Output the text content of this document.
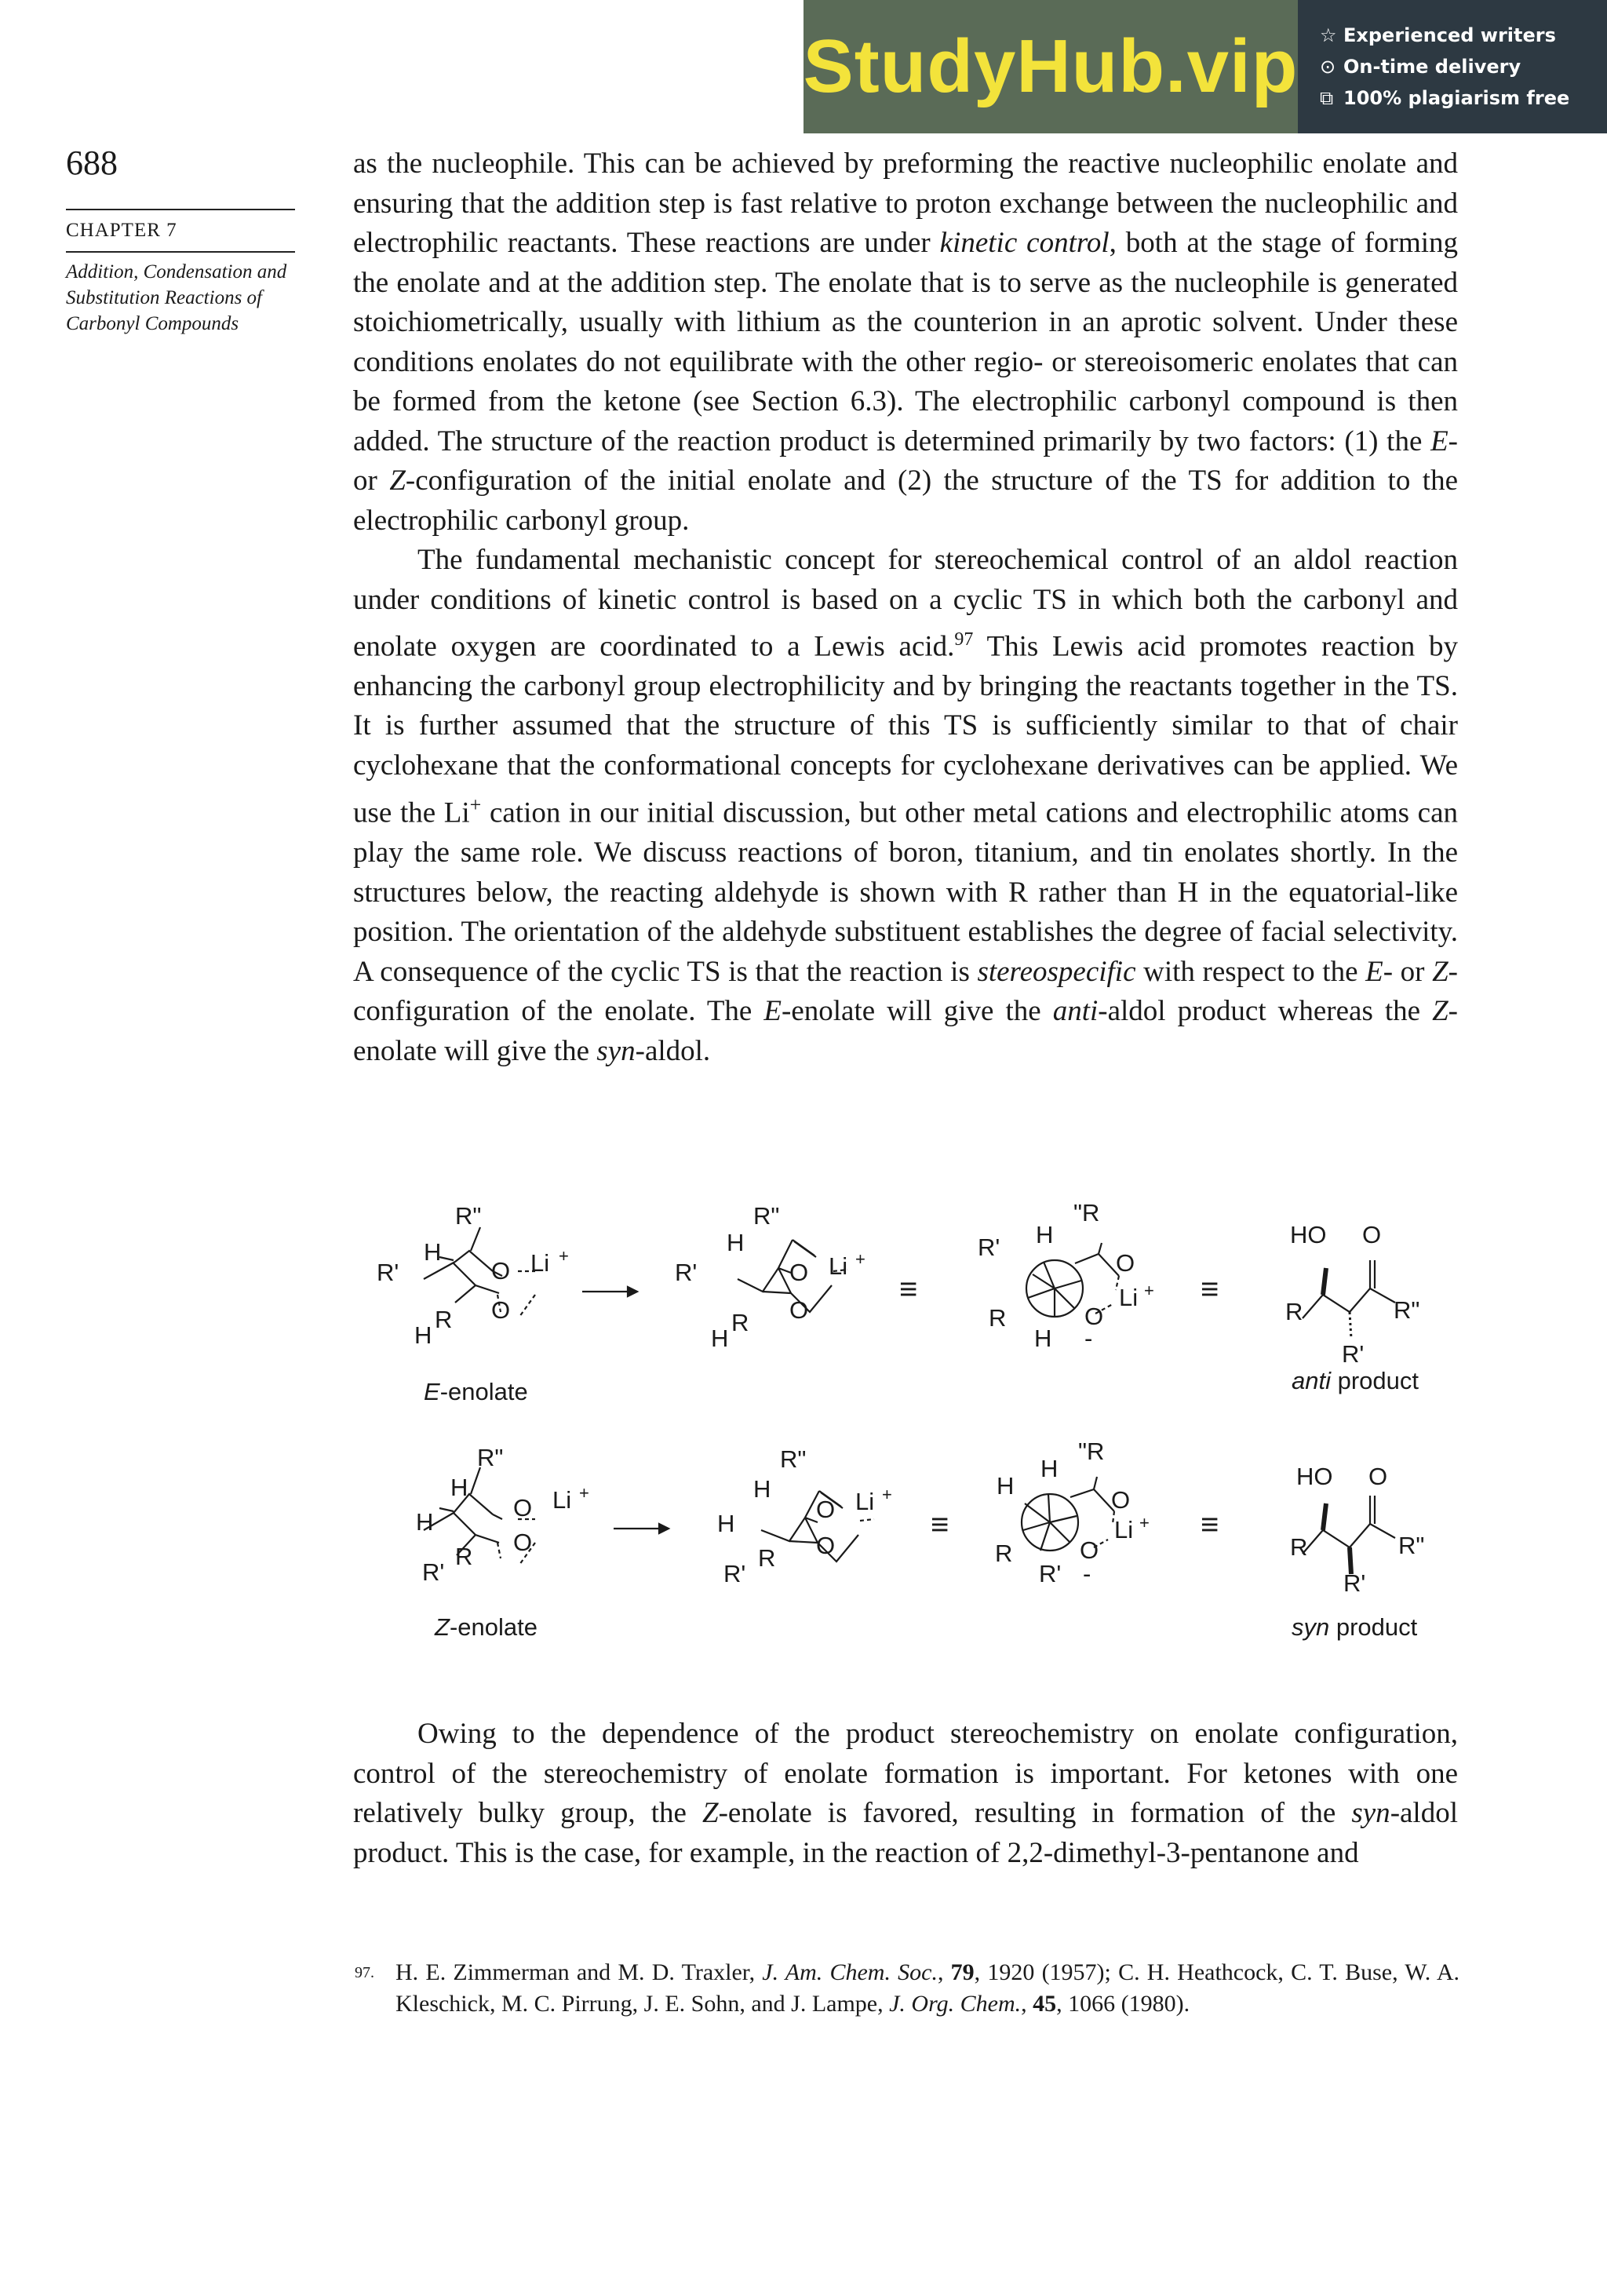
StudyHub.vip ☆ Experienced writers
⊙ On-time delivery
⧉ 100% plagiarism free
688
CHAPTER 7
Addition, Condensation and Substitution Reactions of Carbonyl Compounds

as the nucleophile. This can be achieved by preforming the reactive nucleophilic enolate and ensuring that the addition step is fast relative to proton exchange between the nucleophilic and electrophilic reactants. These reactions are under kinetic control, both at the stage of forming the enolate and at the addition step. The enolate that is to serve as the nucleophile is generated stoichiometrically, usually with lithium as the counterion in an aprotic solvent. Under these conditions enolates do not equilibrate with the other regio- or stereoisomeric enolates that can be formed from the ketone (see Section 6.3). The electrophilic carbonyl compound is then added. The structure of the reaction product is determined primarily by two factors: (1) the E- or Z-configuration of the initial enolate and (2) the structure of the TS for addition to the electrophilic carbonyl group.

The fundamental mechanistic concept for stereochemical control of an aldol reaction under conditions of kinetic control is based on a cyclic TS in which both the carbonyl and enolate oxygen are coordinated to a Lewis acid.$^{97}$ This Lewis acid promotes reaction by enhancing the carbonyl group electrophilicity and by bringing the reactants together in the TS. It is further assumed that the structure of this TS is sufficiently similar to that of chair cyclohexane that the conformational concepts for cyclohexane derivatives can be applied. We use the Li+ cation in our initial discussion, but other metal cations and electrophilic atoms can play the same role. We discuss reactions of boron, titanium, and tin enolates shortly. In the structures below, the reacting aldehyde is shown with R rather than H in the equatorial-like position. The orientation of the aldehyde substituent establishes the degree of facial selectivity. A consequence of the cyclic TS is that the reaction is stereospecific with respect to the E- or Z-configuration of the enolate. The E-enolate will give the anti-aldol product whereas the Z-enolate will give the syn-aldol.

R"
H
R'	O Li +
O
R
H
R"
H
R'	O Li +
O
R
H
≡
"R
H
R'
O
Li +
O
-
R
H
≡
HO O
R	R"
R'
E-enolate	anti product
R"
H
H
O Li +
O
R
R'
R"
H
H
O Li +
O
R
R'
≡
"R
H
H
O
Li +
O
-
R
R'
≡
HO O
R	R"
R'
Z-enolate	syn product

Owing to the dependence of the product stereochemistry on enolate configuration, control of the stereochemistry of enolate formation is important. For ketones with one relatively bulky group, the Z-enolate is favored, resulting in formation of the syn-aldol product. This is the case, for example, in the reaction of 2,2-dimethyl-3-pentanone and

97. H. E. Zimmerman and M. D. Traxler, J. Am. Chem. Soc., 79, 1920 (1957); C. H. Heathcock, C. T. Buse, W. A. Kleschick, M. C. Pirrung, J. E. Sohn, and J. Lampe, J. Org. Chem., 45, 1066 (1980).
